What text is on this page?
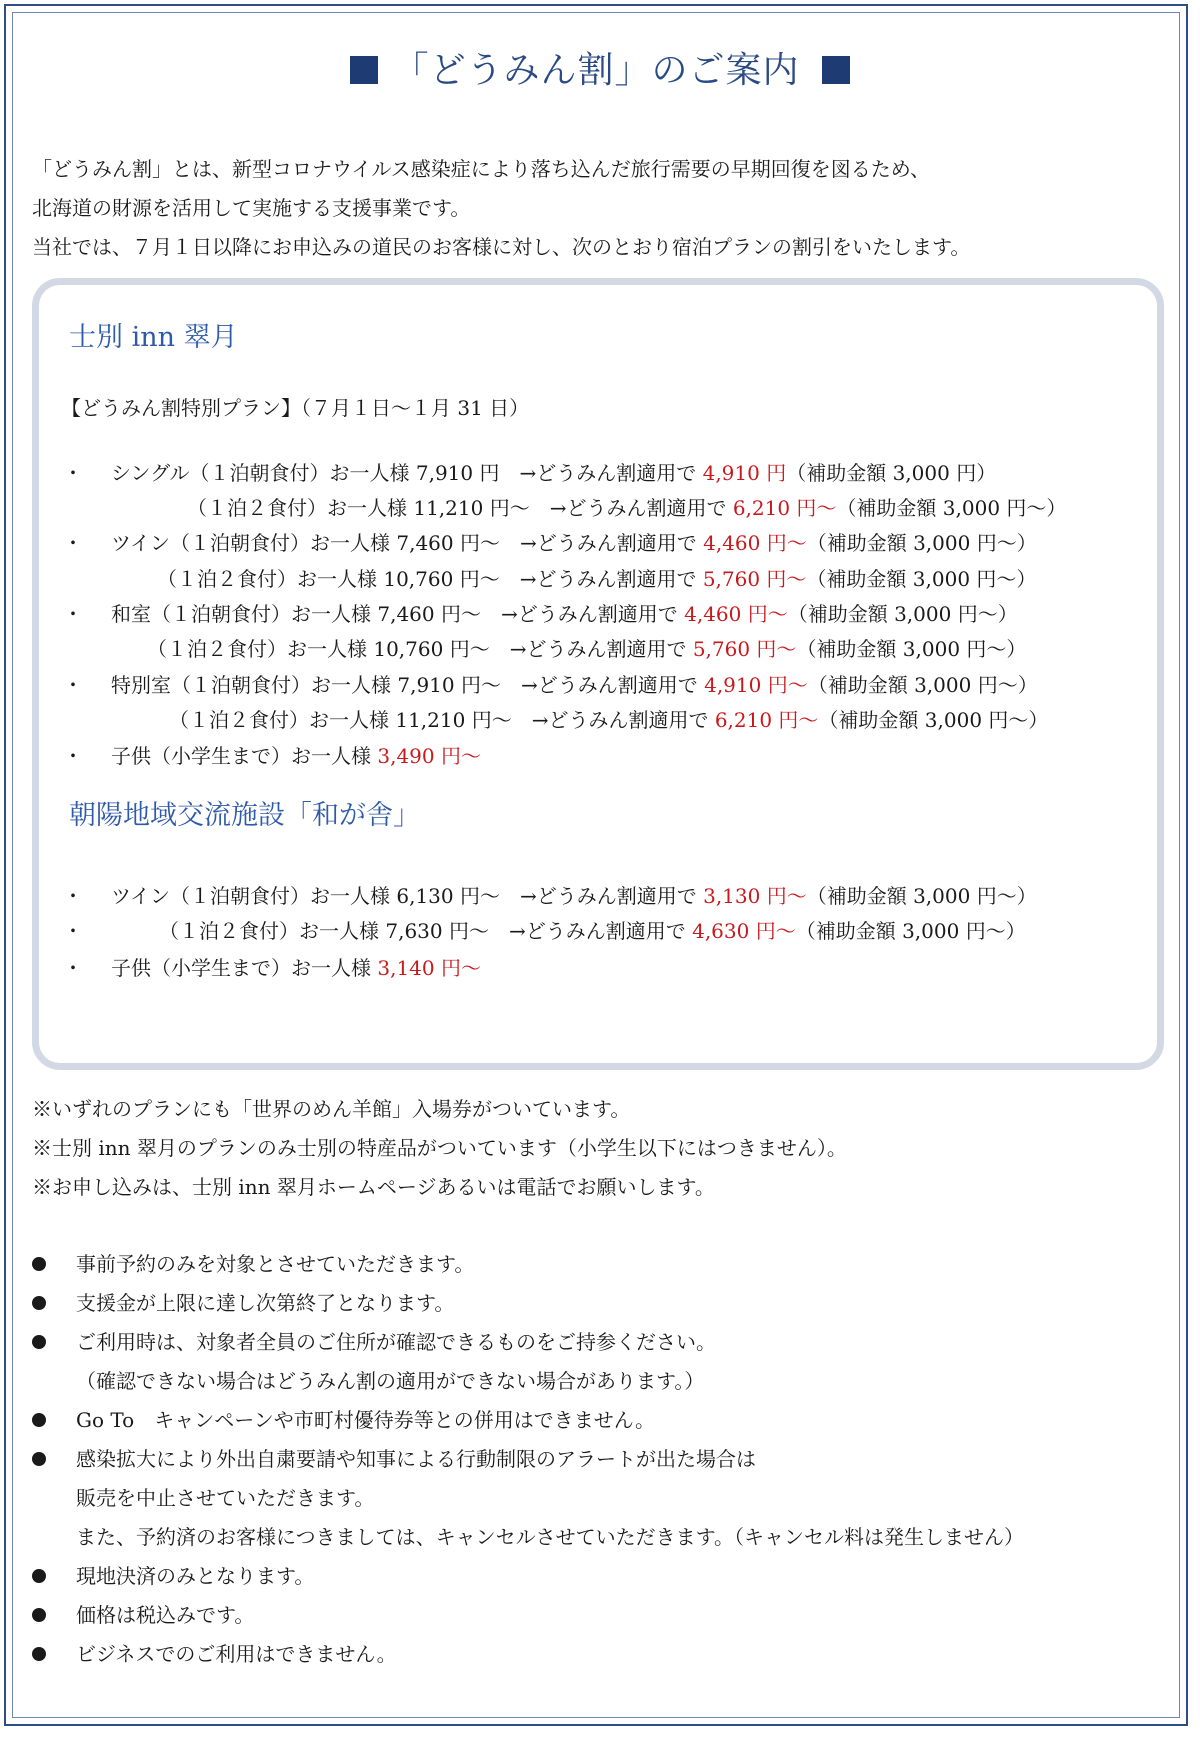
「どうみん割」のご案内
「どうみん割」とは、新型コロナウイルス感染症により落ち込んだ旅行需要の早期回復を図るため、
北海道の財源を活用して実施する支援事業です。
当社では、７月１日以降にお申込みの道民のお客様に対し、次のとおり宿泊プランの割引をいたします。
士別 inn 翠月
【どうみん割特別プラン】（７月１日～１月 31 日）
・ シングル（１泊朝食付）お一人様 7,910 円　→どうみん割適用で 4,910 円（補助金額 3,000 円）
（１泊２食付）お一人様 11,210 円～　→どうみん割適用で 6,210 円～（補助金額 3,000 円～）
・ ツイン（１泊朝食付）お一人様 7,460 円～　→どうみん割適用で 4,460 円～（補助金額 3,000 円～）
（１泊２食付）お一人様 10,760 円～　→どうみん割適用で 5,760 円～（補助金額 3,000 円～）
・ 和室（１泊朝食付）お一人様 7,460 円～　→どうみん割適用で 4,460 円～（補助金額 3,000 円～）
（１泊２食付）お一人様 10,760 円～　→どうみん割適用で 5,760 円～（補助金額 3,000 円～）
・ 特別室（１泊朝食付）お一人様 7,910 円～　→どうみん割適用で 4,910 円～（補助金額 3,000 円～）
（１泊２食付）お一人様 11,210 円～　→どうみん割適用で 6,210 円～（補助金額 3,000 円～）
・ 子供（小学生まで）お一人様 3,490 円～
朝陽地域交流施設「和が舎」
・ ツイン（１泊朝食付）お一人様 6,130 円～　→どうみん割適用で 3,130 円～（補助金額 3,000 円～）
・	（１泊２食付）お一人様 7,630 円～　→どうみん割適用で 4,630 円～（補助金額 3,000 円～）
・ 子供（小学生まで）お一人様 3,140 円～
※いずれのプランにも「世界のめん羊館」入場券がついています。
※士別 inn 翠月のプランのみ士別の特産品がついています（小学生以下にはつきません）。
※お申し込みは、士別 inn 翠月ホームページあるいは電話でお願いします。
事前予約のみを対象とさせていただきます。
支援金が上限に達し次第終了となります。
ご利用時は、対象者全員のご住所が確認できるものをご持参ください。
（確認できない場合はどうみん割の適用ができない場合があります。）
Go To　キャンペーンや市町村優待券等との併用はできません。
感染拡大により外出自粛要請や知事による行動制限のアラートが出た場合は
販売を中止させていただきます。
また、予約済のお客様につきましては、キャンセルさせていただきます。（キャンセル料は発生しません）
現地決済のみとなります。
価格は税込みです。
ビジネスでのご利用はできません。
